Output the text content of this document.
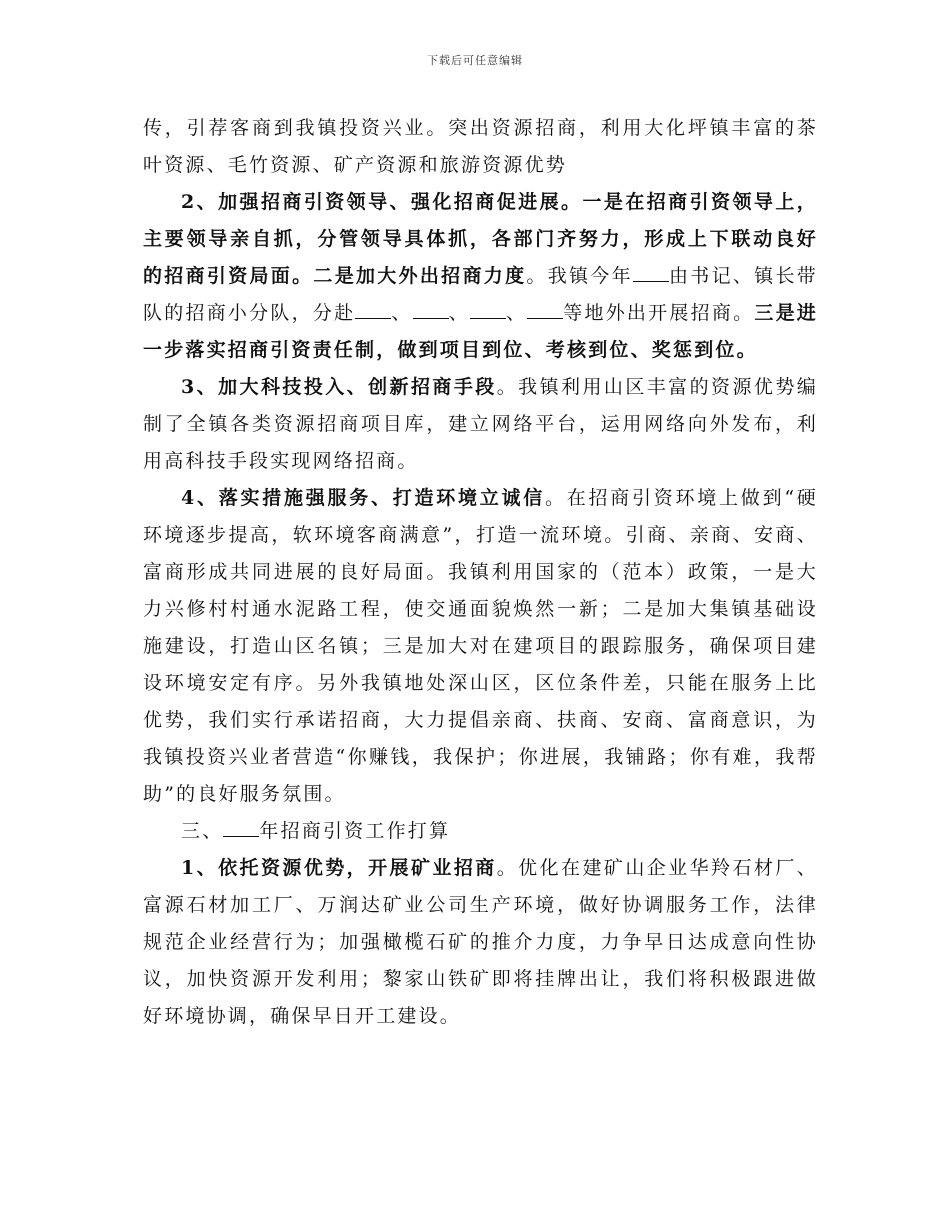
下载后可任意编辑

传，引荐客商到我镇投资兴业。突出资源招商，利用大化坪镇丰富的茶叶资源、毛竹资源、矿产资源和旅游资源优势

2、加强招商引资领导、强化招商促进展。一是在招商引资领导上，主要领导亲自抓，分管领导具体抓，各部门齐努力，形成上下联动良好的招商引资局面。二是加大外出招商力度。我镇今年 由书记、镇长带队的招商小分队，分赴 、 、 、 等地外出开展招商。三是进一步落实招商引资责任制，做到项目到位、考核到位、奖惩到位。

3、加大科技投入、创新招商手段。我镇利用山区丰富的资源优势编制了全镇各类资源招商项目库，建立网络平台，运用网络向外发布，利用高科技手段实现网络招商。

4、落实措施强服务、打造环境立诚信。在招商引资环境上做到“硬环境逐步提高，软环境客商满意”，打造一流环境。引商、亲商、安商、富商形成共同进展的良好局面。我镇利用国家的（范本）政策，一是大力兴修村村通水泥路工程，使交通面貌焕然一新；二是加大集镇基础设施建设，打造山区名镇；三是加大对在建项目的跟踪服务，确保项目建设环境安定有序。另外我镇地处深山区，区位条件差，只能在服务上比优势，我们实行承诺招商，大力提倡亲商、扶商、安商、富商意识，为我镇投资兴业者营造“你赚钱，我保护；你进展，我铺路；你有难，我帮助”的良好服务氛围。

三、 年招商引资工作打算

1、依托资源优势，开展矿业招商。优化在建矿山企业华羚石材厂、富源石材加工厂、万润达矿业公司生产环境，做好协调服务工作，法律规范企业经营行为；加强橄榄石矿的推介力度，力争早日达成意向性协议，加快资源开发利用；黎家山铁矿即将挂牌出让，我们将积极跟进做好环境协调，确保早日开工建设。
